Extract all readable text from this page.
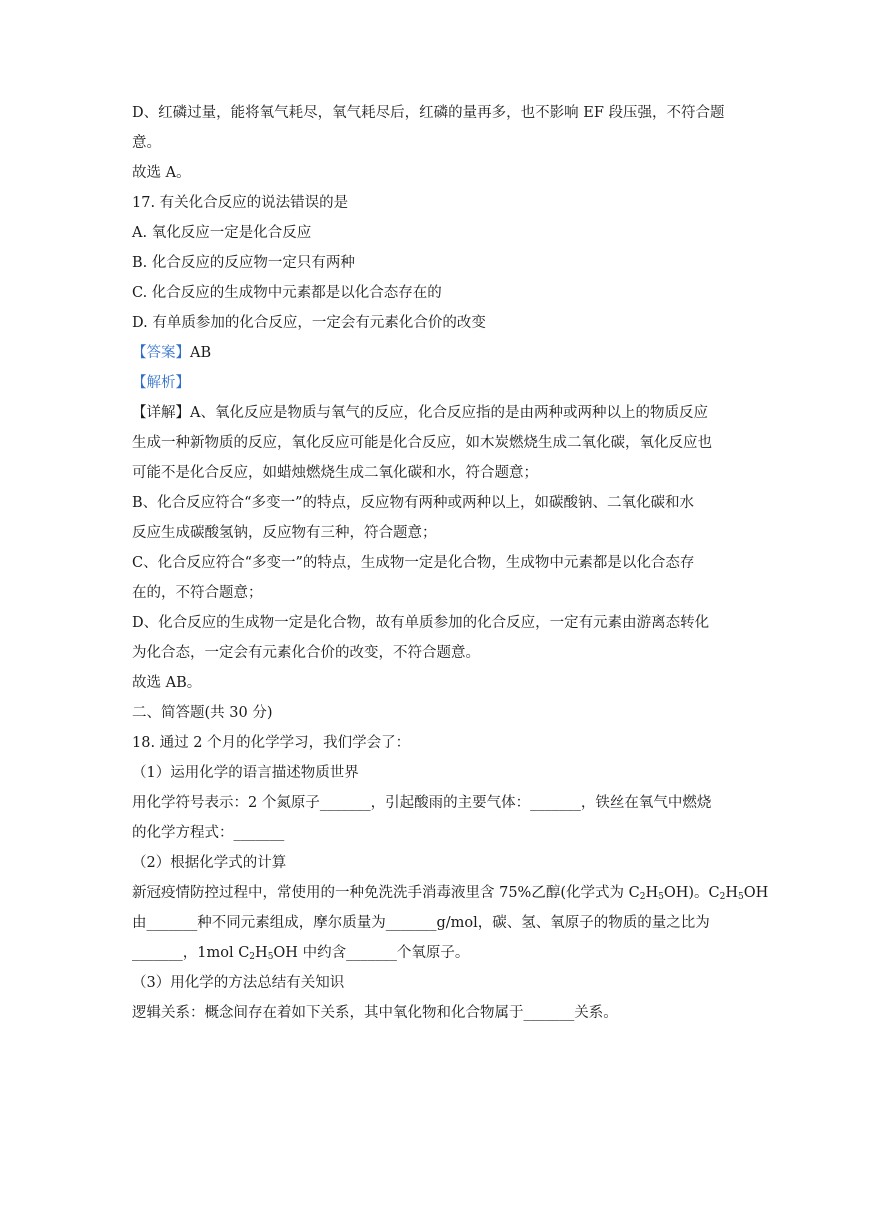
D、红磷过量，能将氧气耗尽，氧气耗尽后，红磷的量再多，也不影响 EF 段压强，不符合题
意。
故选 A。
17. 有关化合反应的说法错误的是
A. 氧化反应一定是化合反应
B. 化合反应的反应物一定只有两种
C. 化合反应的生成物中元素都是以化合态存在的
D. 有单质参加的化合反应，一定会有元素化合价的改变
【答案】AB
【解析】
【详解】A、氧化反应是物质与氧气的反应，化合反应指的是由两种或两种以上的物质反应
生成一种新物质的反应，氧化反应可能是化合反应，如木炭燃烧生成二氧化碳，氧化反应也
可能不是化合反应，如蜡烛燃烧生成二氧化碳和水，符合题意；
B、化合反应符合“多变一”的特点，反应物有两种或两种以上，如碳酸钠、二氧化碳和水
反应生成碳酸氢钠，反应物有三种，符合题意；
C、化合反应符合“多变一”的特点，生成物一定是化合物，生成物中元素都是以化合态存
在的，不符合题意；
D、化合反应的生成物一定是化合物，故有单质参加的化合反应，一定有元素由游离态转化
为化合态，一定会有元素化合价的改变，不符合题意。
故选 AB。
二、简答题(共 30 分)
18. 通过 2 个月的化学学习，我们学会了：
（1）运用化学的语言描述物质世界
用化学符号表示：2 个氮原子_______，引起酸雨的主要气体：_______，铁丝在氧气中燃烧
的化学方程式：_______
（2）根据化学式的计算
新冠疫情防控过程中，常使用的一种免洗洗手消毒液里含 75%乙醇(化学式为 $C_2H_5OH$)。$C_2H_5OH$
由_______种不同元素组成，摩尔质量为_______g/mol，碳、氢、氧原子的物质的量之比为
_______，1mol $C_2H_5OH$ 中约含_______个氧原子。
（3）用化学的方法总结有关知识
逻辑关系：概念间存在着如下关系，其中氧化物和化合物属于_______关系。
